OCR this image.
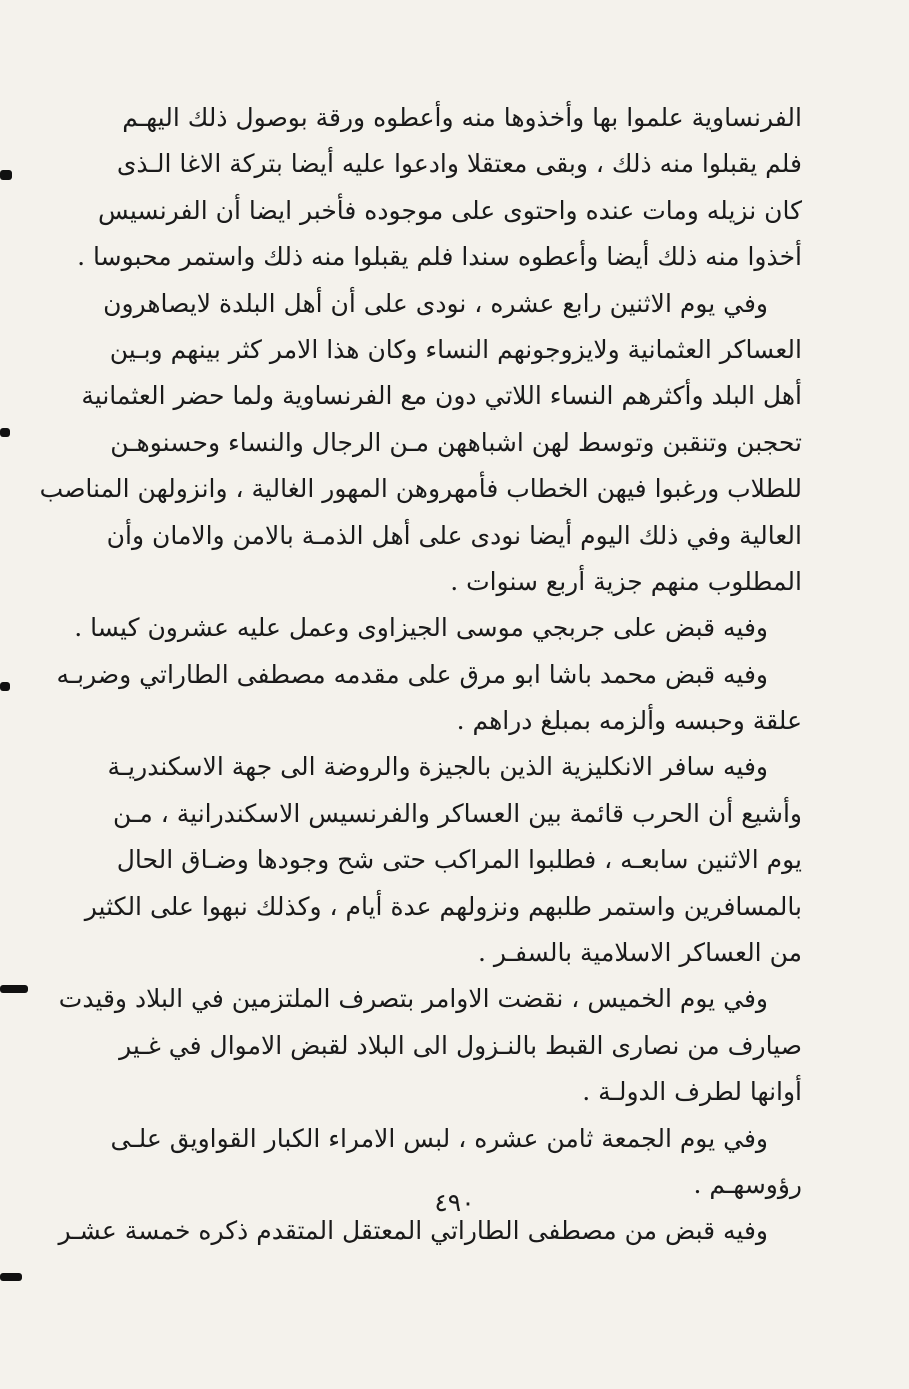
الفرنساوية علموا بها وأخذوها منه وأعطوه ورقة بوصول ذلك اليهـم
فلم يقبلوا منه ذلك ، وبقى معتقلا وادعوا عليه أيضا بتركة الاغا الـذى
كان نزيله ومات عنده واحتوى على موجوده فأخبر ايضا أن الفرنسيس
أخذوا منه ذلك أيضا وأعطوه سندا فلم يقبلوا منه ذلك واستمر محبوسا .
وفي يوم الاثنين رابع عشره ، نودى على أن أهل البلدة لايصاهرون
العساكر العثمانية ولايزوجونهم النساء وكان هذا الامر كثر بينهم وبـين
أهل البلد وأكثرهم النساء اللاتي دون مع الفرنساوية ولما حضر العثمانية
تحجبن وتنقبن وتوسط لهن اشباههن مـن الرجال والنساء وحسنوهـن
للطلاب ورغبوا فيهن الخطاب فأمهروهن المهور الغالية ، وانزولهن المناصب
العالية وفي ذلك اليوم أيضا نودى على أهل الذمـة بالامن والامان وأن
المطلوب منهم جزية أربع سنوات .
وفيه قبض على جربجي موسى الجيزاوى وعمل عليه عشرون كيسا .
وفيه قبض محمد باشا ابو مرق على مقدمه مصطفى الطاراتي وضربـه
علقة وحبسه وألزمه بمبلغ دراهم .
وفيه سافر الانكليزية الذين بالجيزة والروضة الى جهة الاسكندريـة
وأشيع أن الحرب قائمة بين العساكر والفرنسيس الاسكندرانية ، مـن
يوم الاثنين سابعـه ، فطلبوا المراكب حتى شح وجودها وضـاق الحال
بالمسافرين واستمر طلبهم ونزولهم عدة أيام ، وكذلك نبهوا على الكثير
من العساكر الاسلامية بالسفـر .
وفي يوم الخميس ، نقضت الاوامر بتصرف الملتزمين في البلاد وقيدت
صيارف من نصارى القبط بالنـزول الى البلاد لقبض الاموال في غـير
أوانها لطرف الدولـة .
وفي يوم الجمعة ثامن عشره ، لبس الامراء الكبار القواويق علـى
رؤوسهـم .
وفيه قبض من مصطفى الطاراتي المعتقل المتقدم ذكره خمسة عشـر
٤٩٠
